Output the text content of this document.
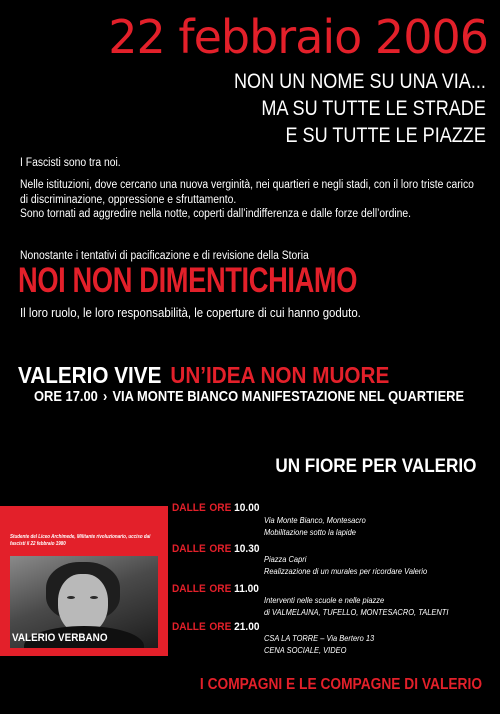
22 febbraio 2006
NON UN NOME SU UNA VIA...
MA SU TUTTE LE STRADE
E SU TUTTE LE PIAZZE

I Fascisti sono tra noi.

Nelle istituzioni, dove cercano una nuova verginità, nei quartieri e negli stadi, con il loro triste carico di discriminazione, oppressione e sfruttamento.

Sono tornati ad aggredire nella notte, coperti dall’indifferenza e dalle forze dell’ordine.

Nonostante i tentativi di pacificazione e di revisione della Storia

NOI NON DIMENTICHIAMO
Il loro ruolo, le loro responsabilità, le coperture di cui hanno goduto.
VALERIO VIVE UN’IDEA NON MUORE
ORE 17.00 › VIA MONTE BIANCO MANIFESTAZIONE NEL QUARTIERE
UN FIORE PER VALERIO
Studente del Liceo Archimede, Militante rivoluzionario, ucciso dai fascisti il 22 febbraio 1980
VALERIO VERBANO
DALLE ORE 10.00
Via Monte Bianco, Montesacro
Mobilitazione sotto la lapide
DALLE ORE 10.30
Piazza Capri
Realizzazione di un murales per ricordare Valerio
DALLE ORE 11.00
Interventi nelle scuole e nelle piazze
di VALMELAINA, TUFELLO, MONTESACRO, TALENTI
DALLE ORE 21.00
CSA LA TORRE – Via Bertero 13
CENA SOCIALE, VIDEO
I COMPAGNI E LE COMPAGNE DI VALERIO
